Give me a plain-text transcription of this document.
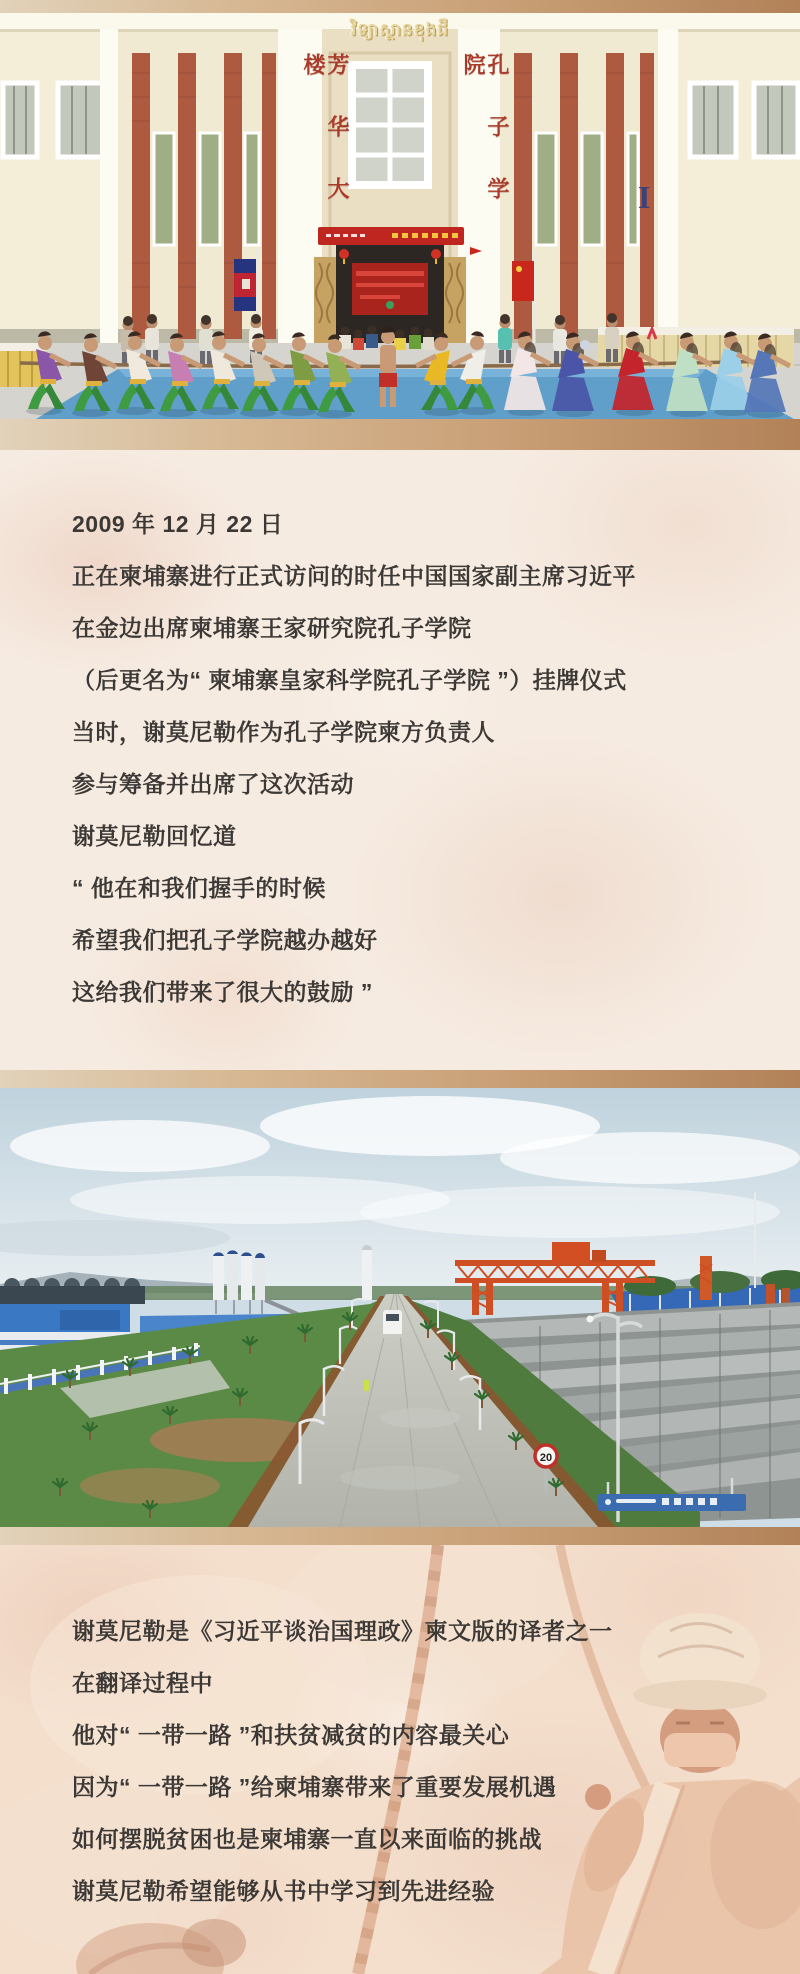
វិទ្យាស្ថានខុងជឺ
芳华大楼	孔子学院
I

2009 年 12 月 22 日

正在柬埔寨进行正式访问的时任中国国家副主席习近平

在金边出席柬埔寨王家研究院孔子学院

（后更名为“ 柬埔寨皇家科学院孔子学院 ”）挂牌仪式

当时，谢莫尼勒作为孔子学院柬方负责人

参与筹备并出席了这次活动

谢莫尼勒回忆道

“ 他在和我们握手的时候

希望我们把孔子学院越办越好

这给我们带来了很大的鼓励 ”

20

谢莫尼勒是《习近平谈治国理政》柬文版的译者之一

在翻译过程中

他对“ 一带一路 ”和扶贫减贫的内容最关心

因为“ 一带一路 ”给柬埔寨带来了重要发展机遇

如何摆脱贫困也是柬埔寨一直以来面临的挑战

谢莫尼勒希望能够从书中学习到先进经验
